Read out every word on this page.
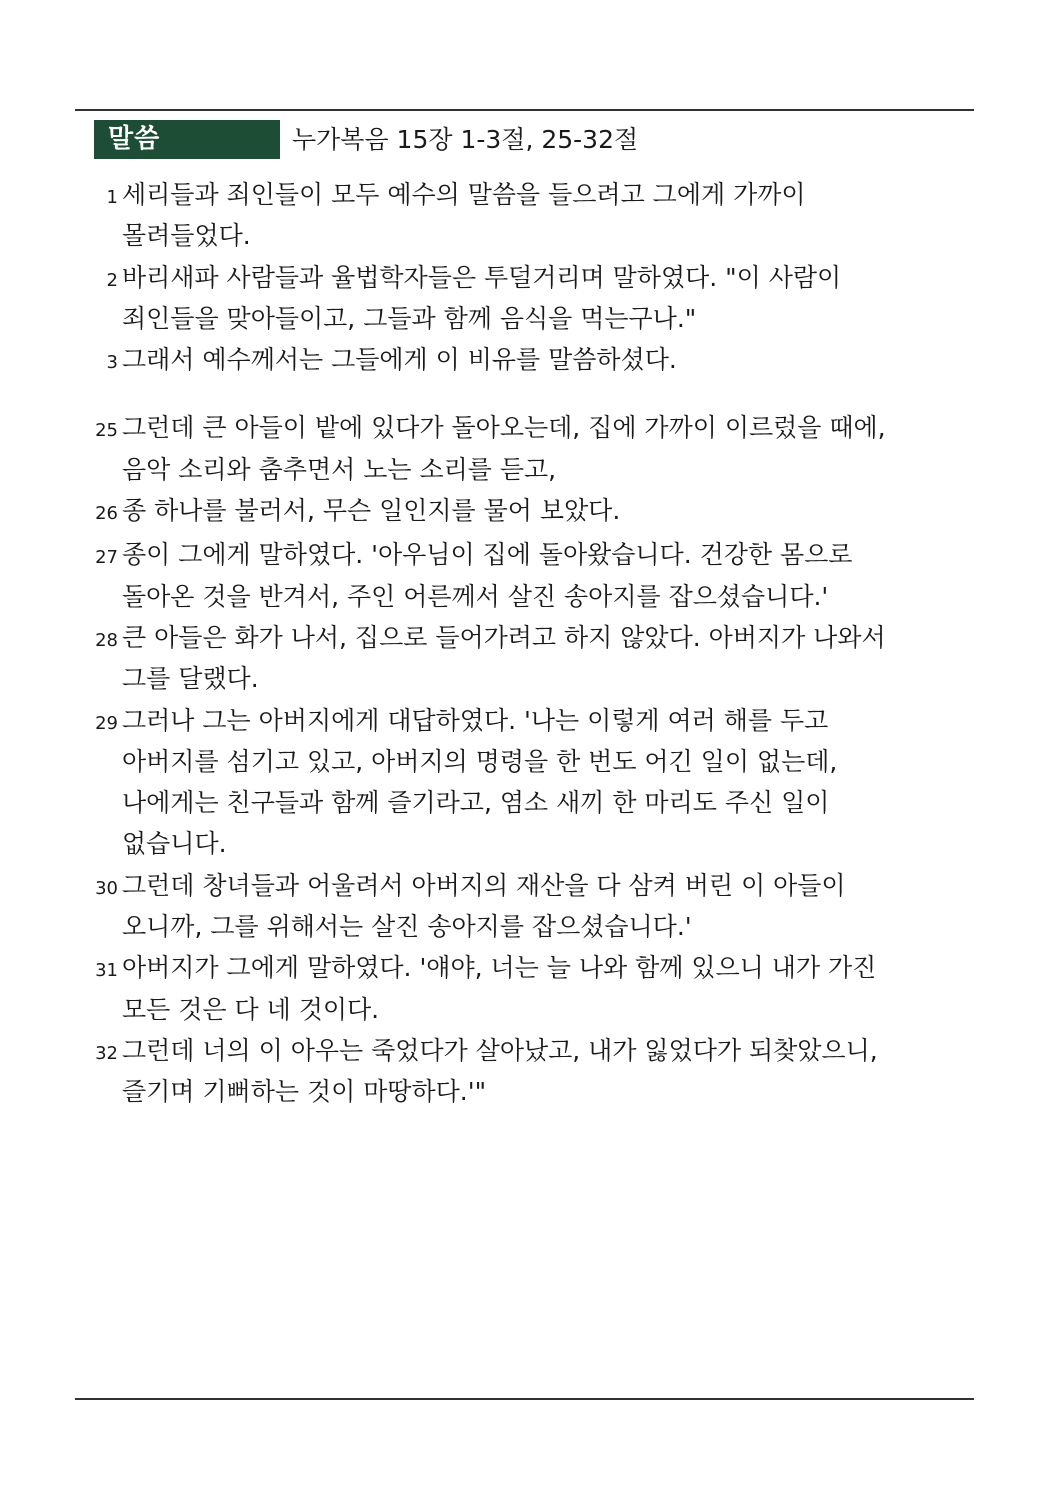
말씀	누가복음 15장 1-3절, 25-32절
1 세리들과 죄인들이 모두 예수의 말씀을 들으려고 그에게 가까이
몰려들었다.
2 바리새파 사람들과 율법학자들은 투덜거리며 말하였다. "이 사람이
죄인들을 맞아들이고, 그들과 함께 음식을 먹는구나."
3 그래서 예수께서는 그들에게 이 비유를 말씀하셨다.
25 그런데 큰 아들이 밭에 있다가 돌아오는데, 집에 가까이 이르렀을 때에,
음악 소리와 춤추면서 노는 소리를 듣고,
26 종 하나를 불러서, 무슨 일인지를 물어 보았다.
27 종이 그에게 말하였다. '아우님이 집에 돌아왔습니다. 건강한 몸으로
돌아온 것을 반겨서, 주인 어른께서 살진 송아지를 잡으셨습니다.'
28 큰 아들은 화가 나서, 집으로 들어가려고 하지 않았다. 아버지가 나와서
그를 달랬다.
29 그러나 그는 아버지에게 대답하였다. '나는 이렇게 여러 해를 두고
아버지를 섬기고 있고, 아버지의 명령을 한 번도 어긴 일이 없는데,
나에게는 친구들과 함께 즐기라고, 염소 새끼 한 마리도 주신 일이
없습니다.
30 그런데 창녀들과 어울려서 아버지의 재산을 다 삼켜 버린 이 아들이
오니까, 그를 위해서는 살진 송아지를 잡으셨습니다.'
31 아버지가 그에게 말하였다. '얘야, 너는 늘 나와 함께 있으니 내가 가진
모든 것은 다 네 것이다.
32 그런데 너의 이 아우는 죽었다가 살아났고, 내가 잃었다가 되찾았으니,
즐기며 기뻐하는 것이 마땅하다.'"
